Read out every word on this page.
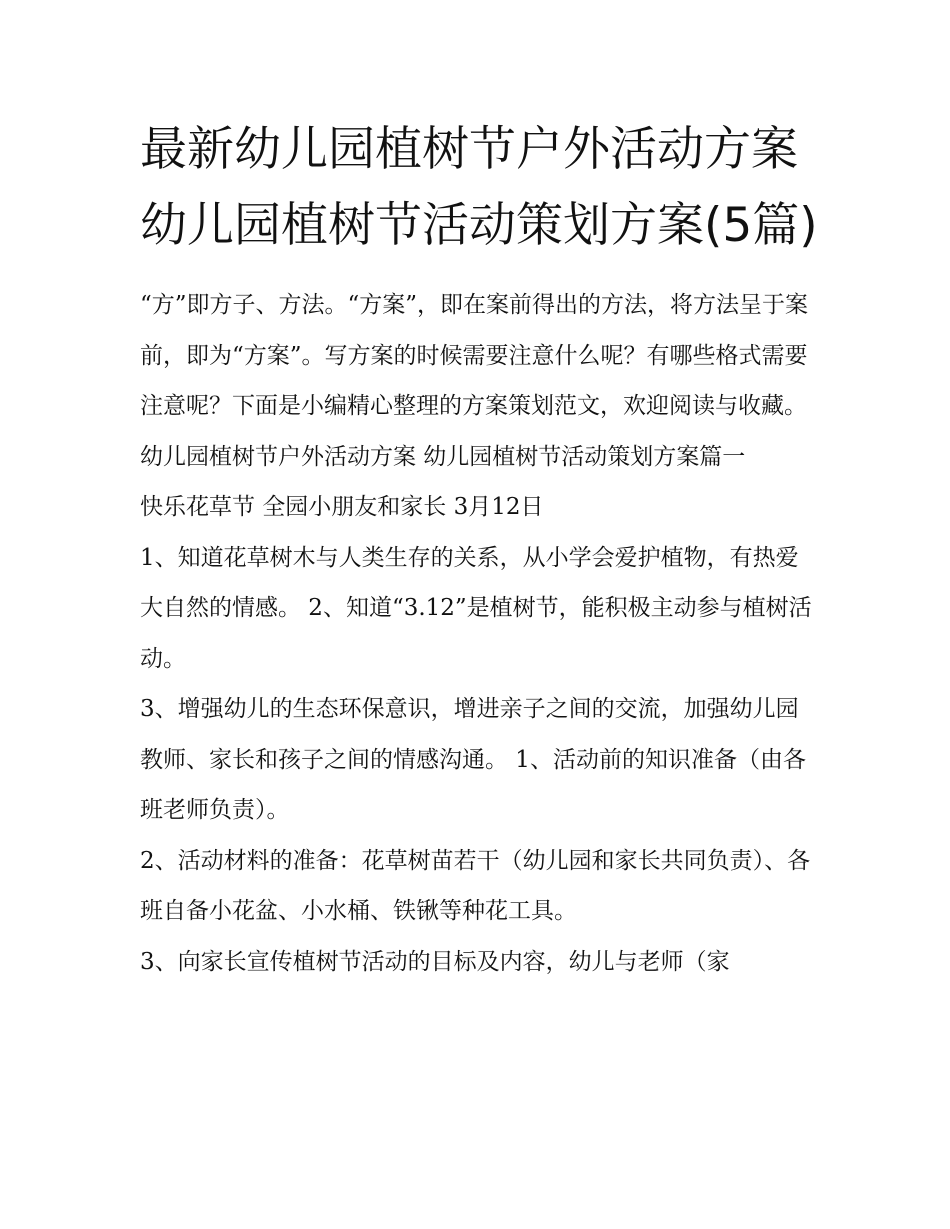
最新幼儿园植树节户外活动方案 幼儿园植树节活动策划方案(5篇)

“方”即方子、方法。“方案”，即在案前得出的方法，将方法呈于案前，即为“方案”。写方案的时候需要注意什么呢？有哪些格式需要注意呢？下面是小编精心整理的方案策划范文，欢迎阅读与收藏。

幼儿园植树节户外活动方案 幼儿园植树节活动策划方案篇一

快乐花草节 全园小朋友和家长 3月12日

1、知道花草树木与人类生存的关系，从小学会爱护植物，有热爱大自然的情感。 2、知道“3.12”是植树节，能积极主动参与植树活动。

3、增强幼儿的生态环保意识，增进亲子之间的交流，加强幼儿园教师、家长和孩子之间的情感沟通。 1、活动前的知识准备（由各班老师负责）。

2、活动材料的准备：花草树苗若干（幼儿园和家长共同负责）、各班自备小花盆、小水桶、铁锹等种花工具。

3、向家长宣传植树节活动的目标及内容，幼儿与老师（家
